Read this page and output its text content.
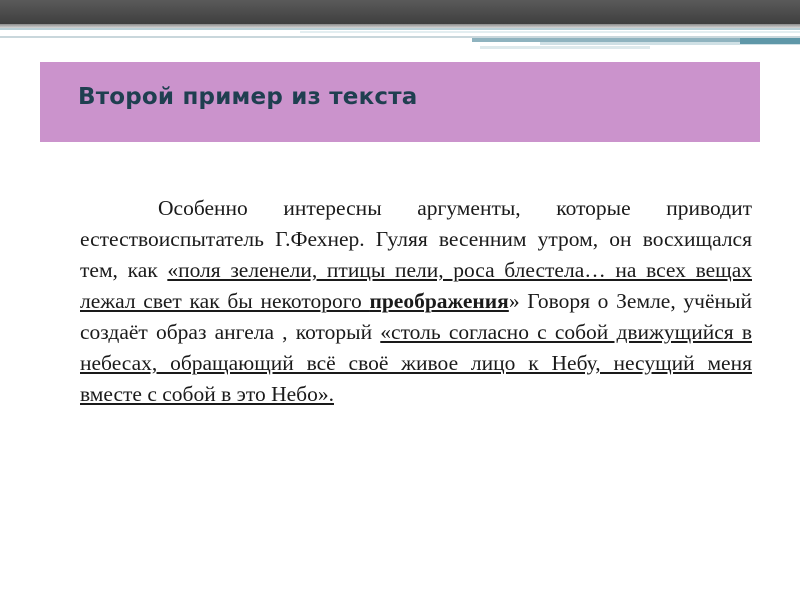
Второй пример из текста
Особенно интересны аргументы, которые приводит естествоиспытатель Г.Фехнер. Гуляя весенним утром, он восхищался тем, как «поля зеленели, птицы пели, роса блестела… на всех вещах лежал свет как бы некоторого преображения» Говоря о Земле, учёный создаёт образ ангела , который «столь согласно с собой движущийся в небесах, обращающий всё своё живое лицо к Небу, несущий меня вместе с собой в это Небо».
